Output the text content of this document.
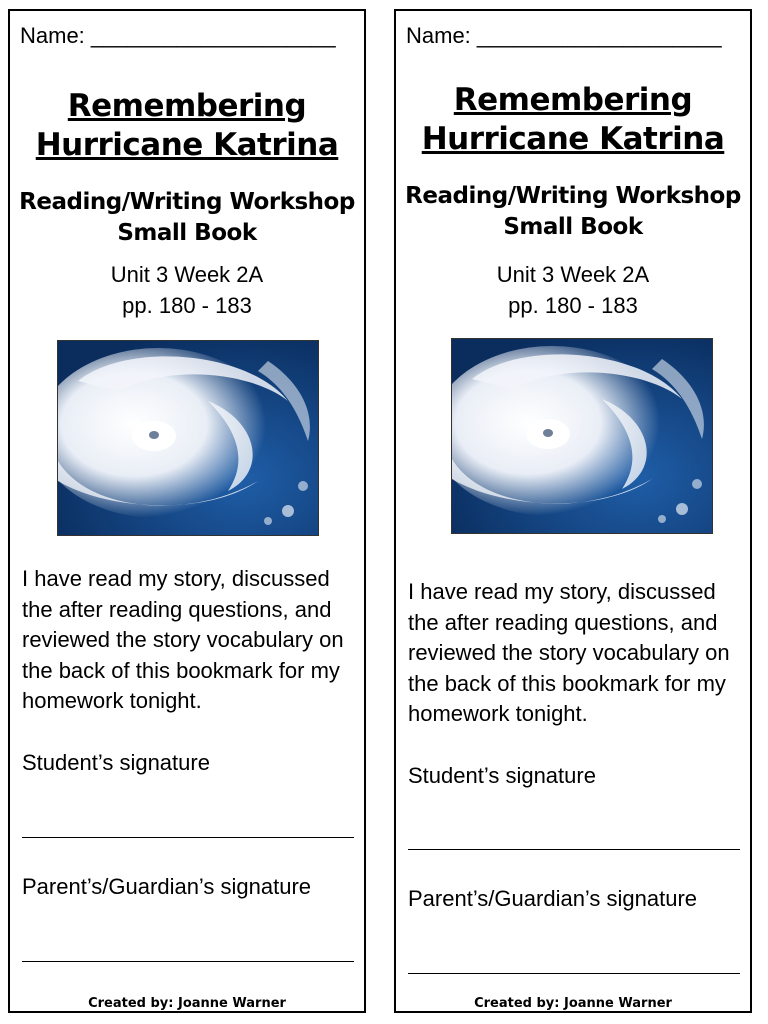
Name: ____________________
Remembering
Hurricane Katrina
Reading/Writing Workshop
Small Book
Unit 3 Week 2A
pp. 180 - 183
I have read my story, discussed the after reading questions, and reviewed the story vocabulary on the back of this bookmark for my homework tonight.
Student’s signature
Parent’s/Guardian’s signature
Created by: Joanne Warner
Name: ____________________
Remembering
Hurricane Katrina
Reading/Writing Workshop
Small Book
Unit 3 Week 2A
pp. 180 - 183
I have read my story, discussed the after reading questions, and reviewed the story vocabulary on the back of this bookmark for my homework tonight.
Student’s signature
Parent’s/Guardian’s signature
Created by: Joanne Warner
